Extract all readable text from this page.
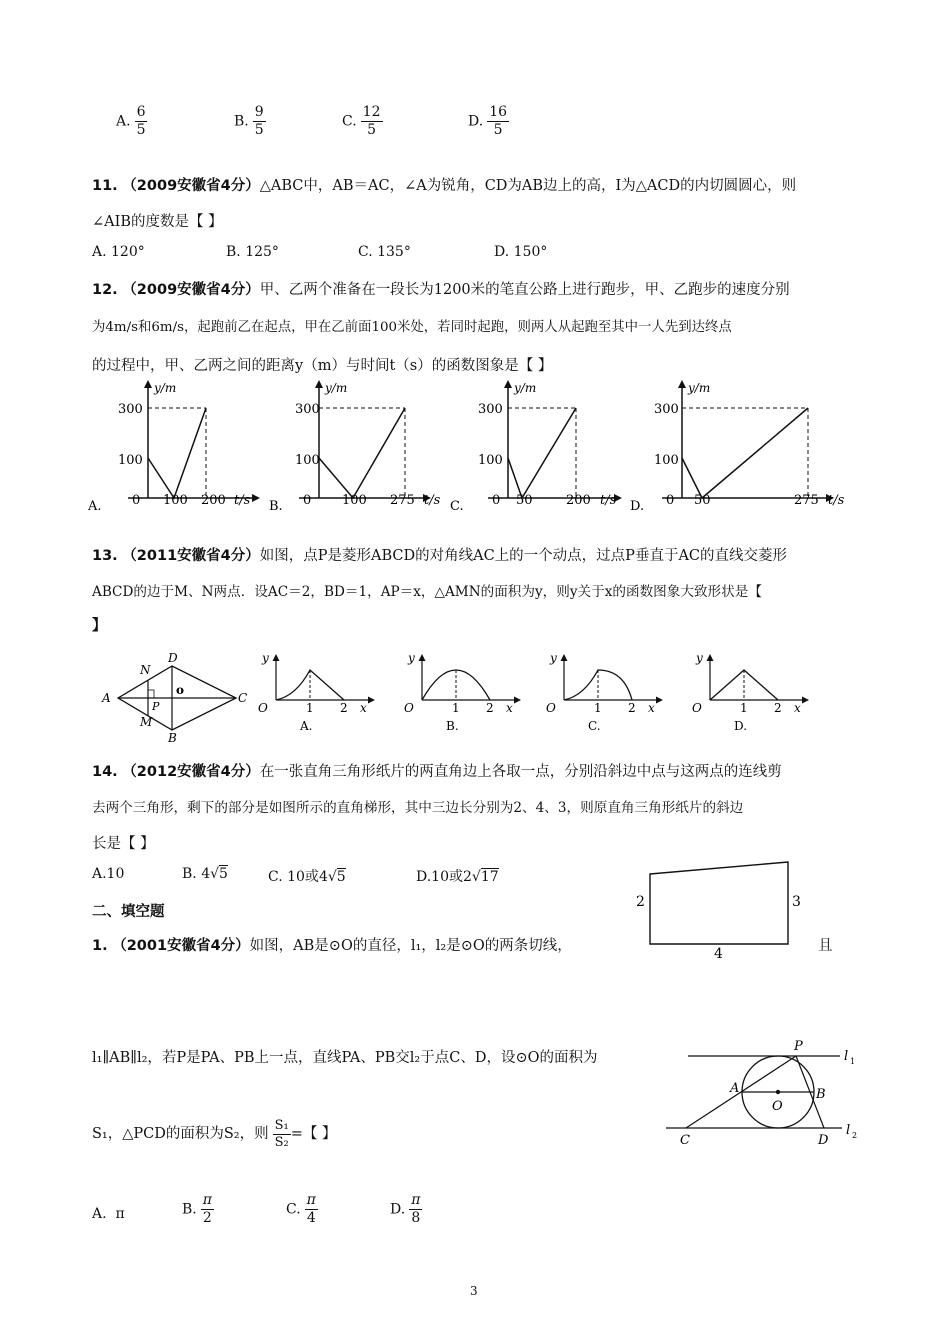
A. $\frac{6}{5}$	B. $\frac{9}{5}$	C. $\frac{12}{5}$	D. $\frac{16}{5}$
11. （2009安徽省4分）△ABC中，AB＝AC，∠A为锐角，CD为AB边上的高，I为△ACD的内切圆圆心，则
∠AIB的度数是【 】
A. 120°	B. 125°	C. 135°	D. 150°
12. （2009安徽省4分）甲、乙两个准备在一段长为1200米的笔直公路上进行跑步，甲、乙跑步的速度分别
为4m/s和6m/s，起跑前乙在起点，甲在乙前面100米处，若同时起跑，则两人从起跑至其中一人先到达终点
的过程中，甲、乙两之间的距离y（m）与时间t（s）的函数图象是【 】
A.
y/m
300
100
0 100 200 t/s B.
y/m
300
100
0 100 275 t/s C.
y/m
300
100
0 50	200 t/s D.
y/m
300
100
0 50	275 t/s
13. （2011安徽省4分）如图，点P是菱形ABCD的对角线AC上的一个动点，过点P垂直于AC的直线交菱形
ABCD的边于M、N两点．设AC＝2，BD＝1，AP＝x，△AMN的面积为y，则y关于x的函数图象大致形状是【
】
A
D
C
B
N
M
P
o
y
O	1 2 x
A.
y
O	1 2 x
B.
y
O	1 2 x
C.
y
O	1 2 x
D.
14. （2012安徽省4分）在一张直角三角形纸片的两直角边上各取一点，分别沿斜边中点与这两点的连线剪
去两个三角形，剩下的部分是如图所示的直角梯形，其中三边长分别为2、4、3，则原直角三角形纸片的斜边
长是【 】
A.10	B. 4√5	C. 10或4√5	D.10或2√17
2	3
4
二、填空题
1. （2001安徽省4分）如图，AB是⊙O的直径，l₁，l₂是⊙O的两条切线，	且
l₁∥AB∥l₂，若P是PA、PB上一点，直线PA、PB交l₂于点C、D，设⊙O的面积为
S₁，△PCD的面积为S₂，则 $\frac{\text{S₁}}{\text{S₂}}$ =【 】
A. π	B. $\frac{\pi}{2}$	C. $\frac{\pi}{4}$	D. $\frac{\pi}{8}$
P
A	B
O
C	D
l 1
l 2
3
